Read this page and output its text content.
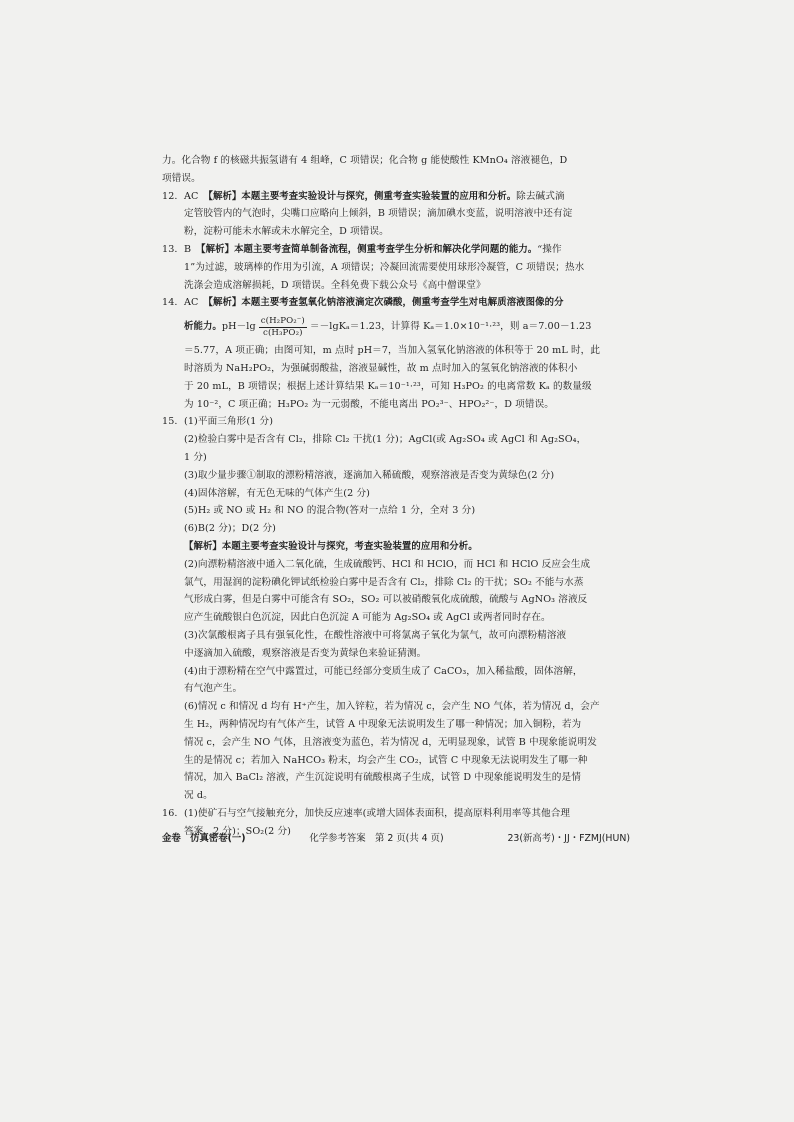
力。化合物 f 的核磁共振氢谱有 4 组峰，C 项错误；化合物 g 能使酸性 KMnO₄ 溶液褪色，D

项错误。

12. AC　 【解析】本题主要考查实验设计与探究，侧重考查实验装置的应用和分析。除去碱式滴

定管胶管内的气泡时，尖嘴口应略向上倾斜，B 项错误；滴加碘水变蓝，说明溶液中还有淀

粉，淀粉可能未水解或未水解完全，D 项错误。

13. B　 【解析】本题主要考查简单制备流程，侧重考查学生分析和解决化学问题的能力。“操作

1”为过滤，玻璃棒的作用为引流，A 项错误；冷凝回流需要使用球形冷凝管，C 项错误；热水

洗涤会造成溶解损耗，D 项错误。全科免费下载公众号《高中僧课堂》

14. AC　 【解析】本题主要考查氢氧化钠溶液滴定次磷酸，侧重考查学生对电解质溶液图像的分

析能力。 $pH-\lg \frac{\text{c(H₂PO₂⁻)}}{\text{c(H₃PO₂)}} =-\lg K_a=1.23$，计算得 Kₐ＝1.0×10⁻¹·²³，则 a＝7.00－1.23

＝5.77，A 项正确；由图可知，m 点时 pH＝7，当加入氢氧化钠溶液的体积等于 20 mL 时，此

时溶质为 NaH₂PO₂，为强碱弱酸盐，溶液显碱性，故 m 点时加入的氢氧化钠溶液的体积小

于 20 mL，B 项错误；根据上述计算结果 Kₐ＝10⁻¹·²³，可知 H₃PO₂ 的电离常数 Kₐ 的数量级

为 10⁻²，C 项正确；H₃PO₂ 为一元弱酸，不能电离出 PO₂³⁻、HPO₂²⁻，D 项错误。

15. (1)平面三角形(1 分)

(2)检验白雾中是否含有 Cl₂，排除 Cl₂ 干扰(1 分)；AgCl(或 Ag₂SO₄ 或 AgCl 和 Ag₂SO₄，

1 分)

(3)取少量步骤①制取的漂粉精溶液，逐滴加入稀硫酸，观察溶液是否变为黄绿色(2 分)

(4)固体溶解，有无色无味的气体产生(2 分)

(5)H₂ 或 NO 或 H₂ 和 NO 的混合物(答对一点给 1 分，全对 3 分)

(6)B(2 分)；D(2 分)

【解析】本题主要考查实验设计与探究，考查实验装置的应用和分析。

(2)向漂粉精溶液中通入二氧化硫，生成硫酸钙、HCl 和 HClO，而 HCl 和 HClO 反应会生成

氯气，用湿润的淀粉碘化钾试纸检验白雾中是否含有 Cl₂，排除 Cl₂ 的干扰；SO₂ 不能与水蒸

气形成白雾，但是白雾中可能含有 SO₂，SO₂ 可以被硝酸氧化成硫酸，硫酸与 AgNO₃ 溶液反

应产生硫酸银白色沉淀，因此白色沉淀 A 可能为 Ag₂SO₄ 或 AgCl 或两者同时存在。

(3)次氯酸根离子具有强氧化性，在酸性溶液中可将氯离子氧化为氯气，故可向漂粉精溶液

中逐滴加入硫酸，观察溶液是否变为黄绿色来验证猜测。

(4)由于漂粉精在空气中露置过，可能已经部分变质生成了 CaCO₃，加入稀盐酸，固体溶解，

有气泡产生。

(6)情况 c 和情况 d 均有 H⁺产生，加入锌粒，若为情况 c，会产生 NO 气体，若为情况 d，会产

生 H₂，两种情况均有气体产生，试管 A 中现象无法说明发生了哪一种情况；加入铜粉，若为

情况 c，会产生 NO 气体，且溶液变为蓝色，若为情况 d，无明显现象，试管 B 中现象能说明发

生的是情况 c；若加入 NaHCO₃ 粉末，均会产生 CO₂，试管 C 中现象无法说明发生了哪一种

情况，加入 BaCl₂ 溶液，产生沉淀说明有硫酸根离子生成，试管 D 中现象能说明发生的是情

况 d。

16. (1)使矿石与空气接触充分，加快反应速率(或增大固体表面积，提高原料利用率等其他合理

答案，2 分)；SO₂(2 分)

金卷　仿真密卷(一)	化学参考答案　第 2 页(共 4 页)	23(新高考)・JJ・FZMJ(HUN)
